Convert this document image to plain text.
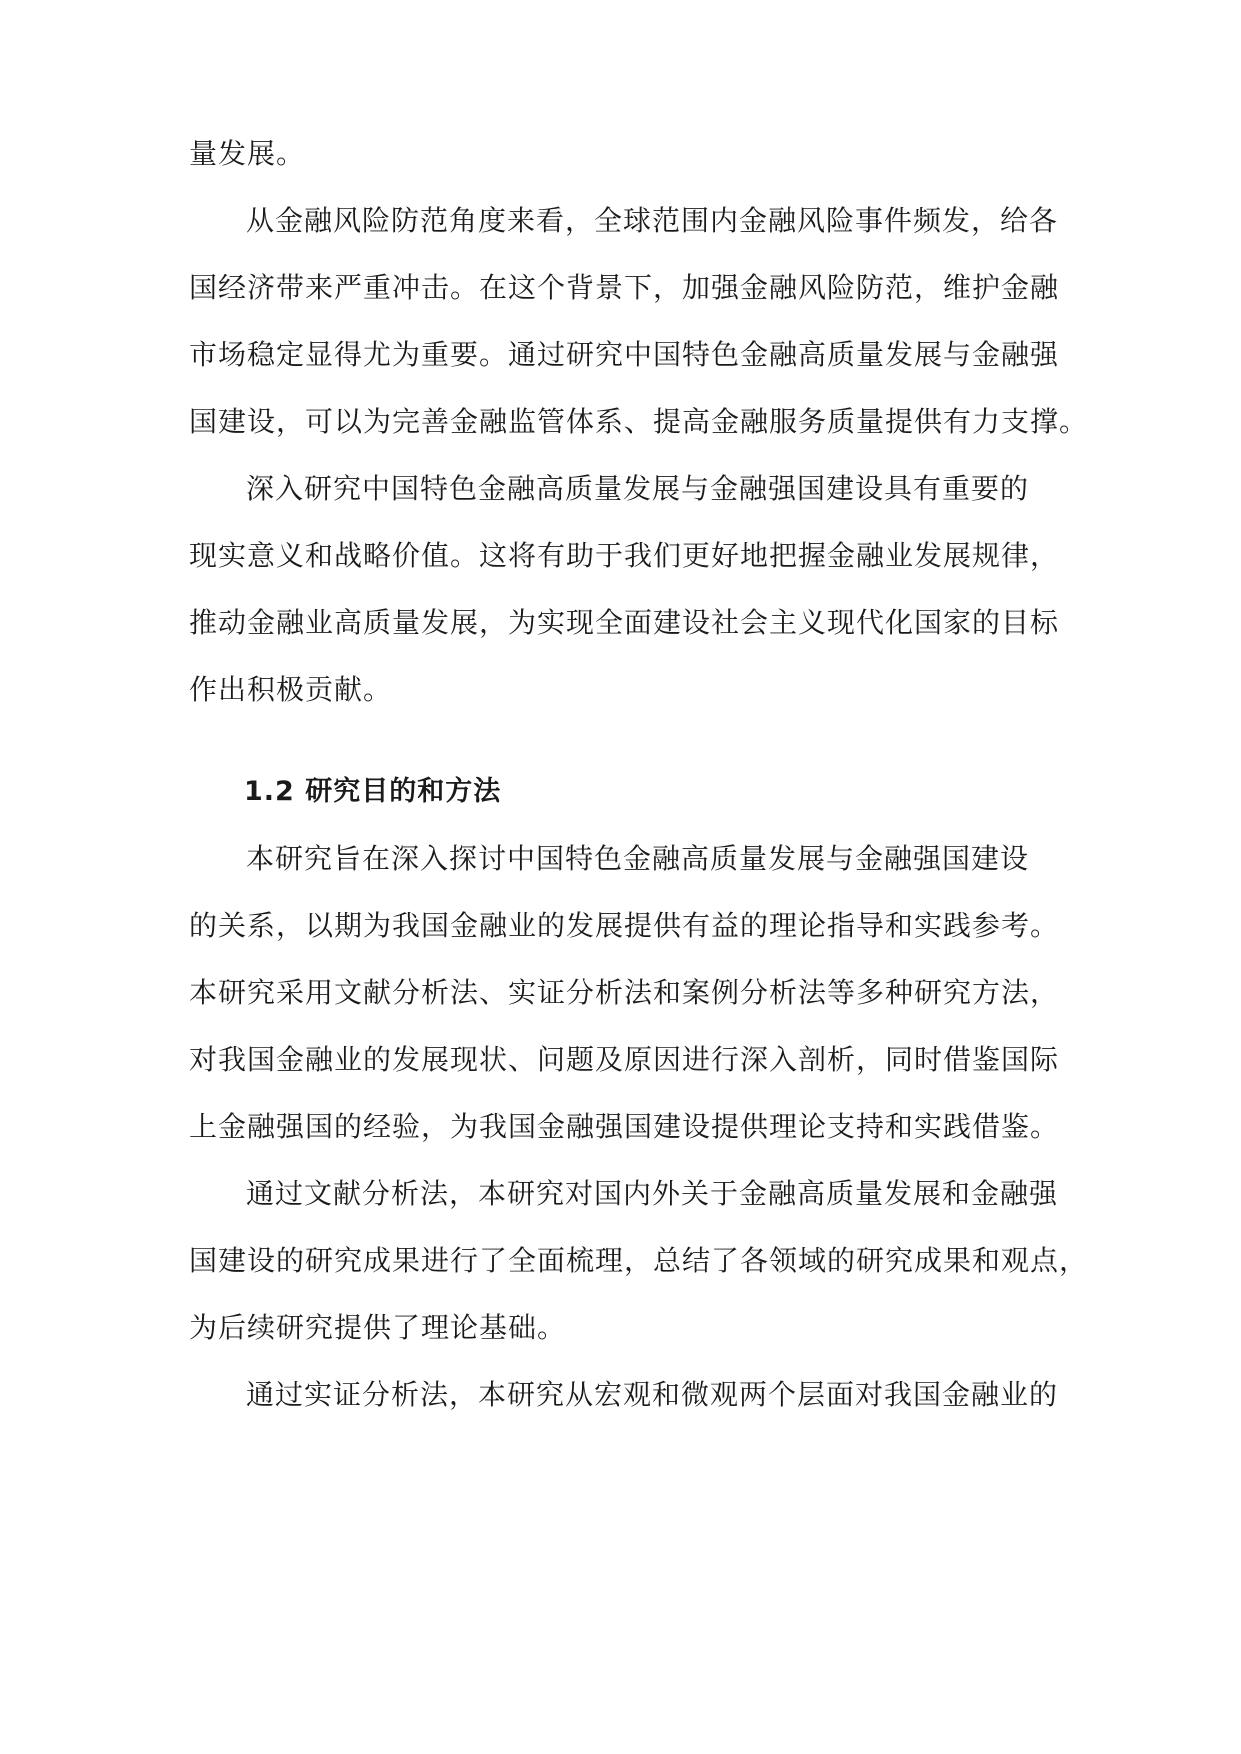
量发展。
从金融风险防范角度来看，全球范围内金融风险事件频发，给各
国经济带来严重冲击。在这个背景下，加强金融风险防范，维护金融
市场稳定显得尤为重要。通过研究中国特色金融高质量发展与金融强
国建设，可以为完善金融监管体系、提高金融服务质量提供有力支撑。
深入研究中国特色金融高质量发展与金融强国建设具有重要的
现实意义和战略价值。这将有助于我们更好地把握金融业发展规律，
推动金融业高质量发展，为实现全面建设社会主义现代化国家的目标
作出积极贡献。
1.2 研究目的和方法
本研究旨在深入探讨中国特色金融高质量发展与金融强国建设
的关系，以期为我国金融业的发展提供有益的理论指导和实践参考。
本研究采用文献分析法、实证分析法和案例分析法等多种研究方法，
对我国金融业的发展现状、问题及原因进行深入剖析，同时借鉴国际
上金融强国的经验，为我国金融强国建设提供理论支持和实践借鉴。
通过文献分析法，本研究对国内外关于金融高质量发展和金融强
国建设的研究成果进行了全面梳理，总结了各领域的研究成果和观点，
为后续研究提供了理论基础。
通过实证分析法，本研究从宏观和微观两个层面对我国金融业的
